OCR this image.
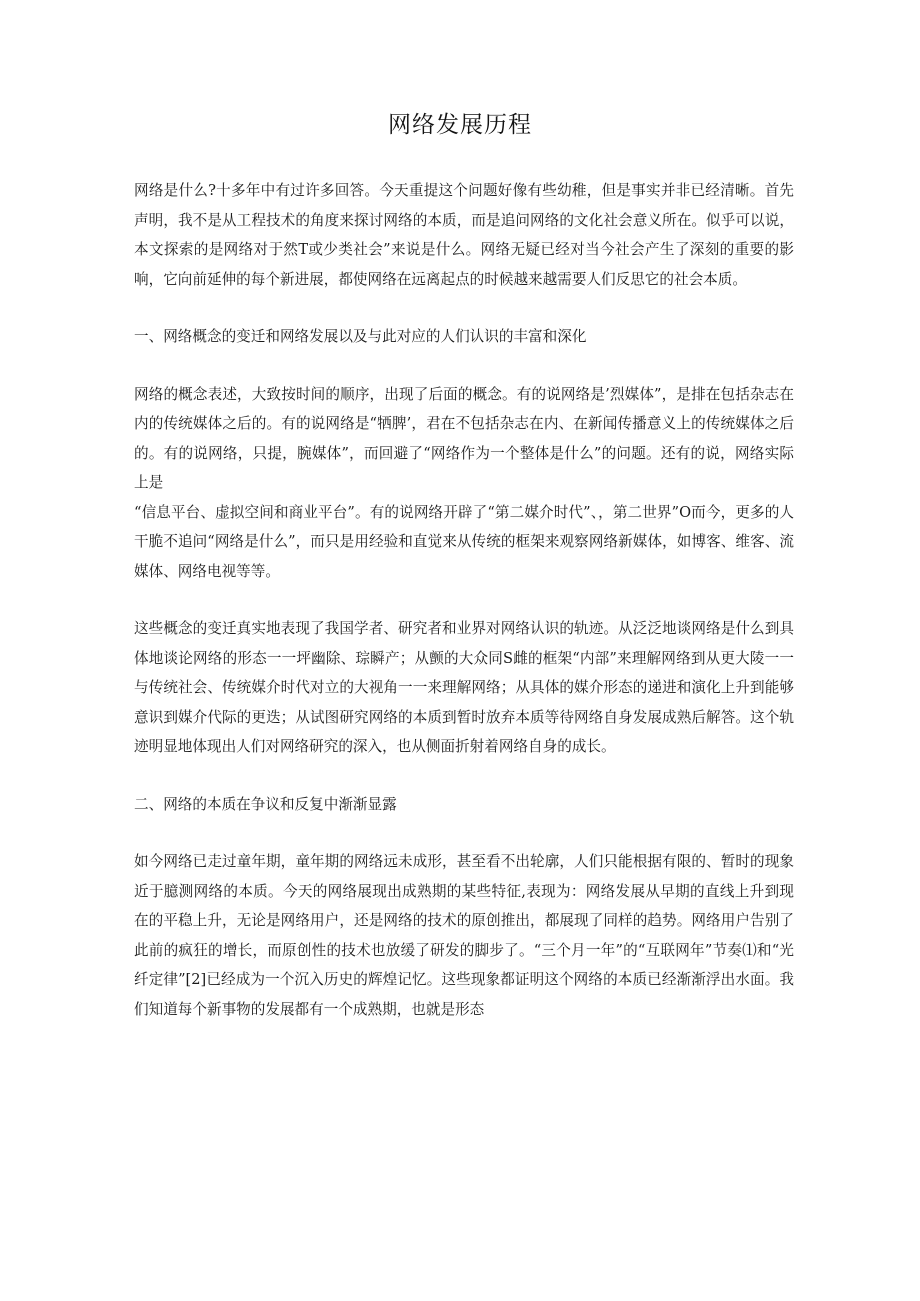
网络发展历程

网络是什么?十多年中有过许多回答。今天重提这个问题好像有些幼稚，但是事实并非已经清晰。首先声明，我不是从工程技术的角度来探讨网络的本质，而是追问网络的文化社会意义所在。似乎可以说，本文探索的是网络对于然T或少类社会”来说是什么。网络无疑已经对当今社会产生了深刻的重要的影响，它向前延伸的每个新进展，都使网络在远离起点的时候越来越需要人们反思它的社会本质。

一、网络概念的变迁和网络发展以及与此对应的人们认识的丰富和深化

网络的概念表述，大致按时间的顺序，出现了后面的概念。有的说网络是’烈媒体”，是排在包括杂志在内的传统媒体之后的。有的说网络是“牺脾’，君在不包括杂志在内、在新闻传播意义上的传统媒体之后的。有的说网络，只提，腕媒体”，而回避了“网络作为一个整体是什么”的问题。还有的说，网络实际上是

“信息平台、虚拟空间和商业平台”。有的说网络开辟了“第二媒介时代”、，第二世界”O而今，更多的人干脆不追问“网络是什么”，而只是用经验和直觉来从传统的框架来观察网络新媒体，如博客、维客、流媒体、网络电视等等。

这些概念的变迁真实地表现了我国学者、研究者和业界对网络认识的轨迹。从泛泛地谈网络是什么到具体地谈论网络的形态一一坪幽除、琮瞬产；从颤的大众同S雌的框架“内部”来理解网络到从更大陵一一与传统社会、传统媒介时代对立的大视角一一来理解网络；从具体的媒介形态的递进和演化上升到能够意识到媒介代际的更迭；从试图研究网络的本质到暂时放弃本质等待网络自身发展成熟后解答。这个轨迹明显地体现出人们对网络研究的深入，也从侧面折射着网络自身的成长。

二、网络的本质在争议和反复中渐渐显露

如今网络已走过童年期，童年期的网络远未成形，甚至看不出轮廓，人们只能根据有限的、暂时的现象近于臆测网络的本质。今天的网络展现出成熟期的某些特征,表现为：网络发展从早期的直线上升到现在的平稳上升，无论是网络用户，还是网络的技术的原创推出，都展现了同样的趋势。网络用户告别了此前的疯狂的增长，而原创性的技术也放缓了研发的脚步了。“三个月一年”的“互联网年”节奏⑴和“光纤定律”[2]已经成为一个沉入历史的辉煌记忆。这些现象都证明这个网络的本质已经渐渐浮出水面。我们知道每个新事物的发展都有一个成熟期，也就是形态
